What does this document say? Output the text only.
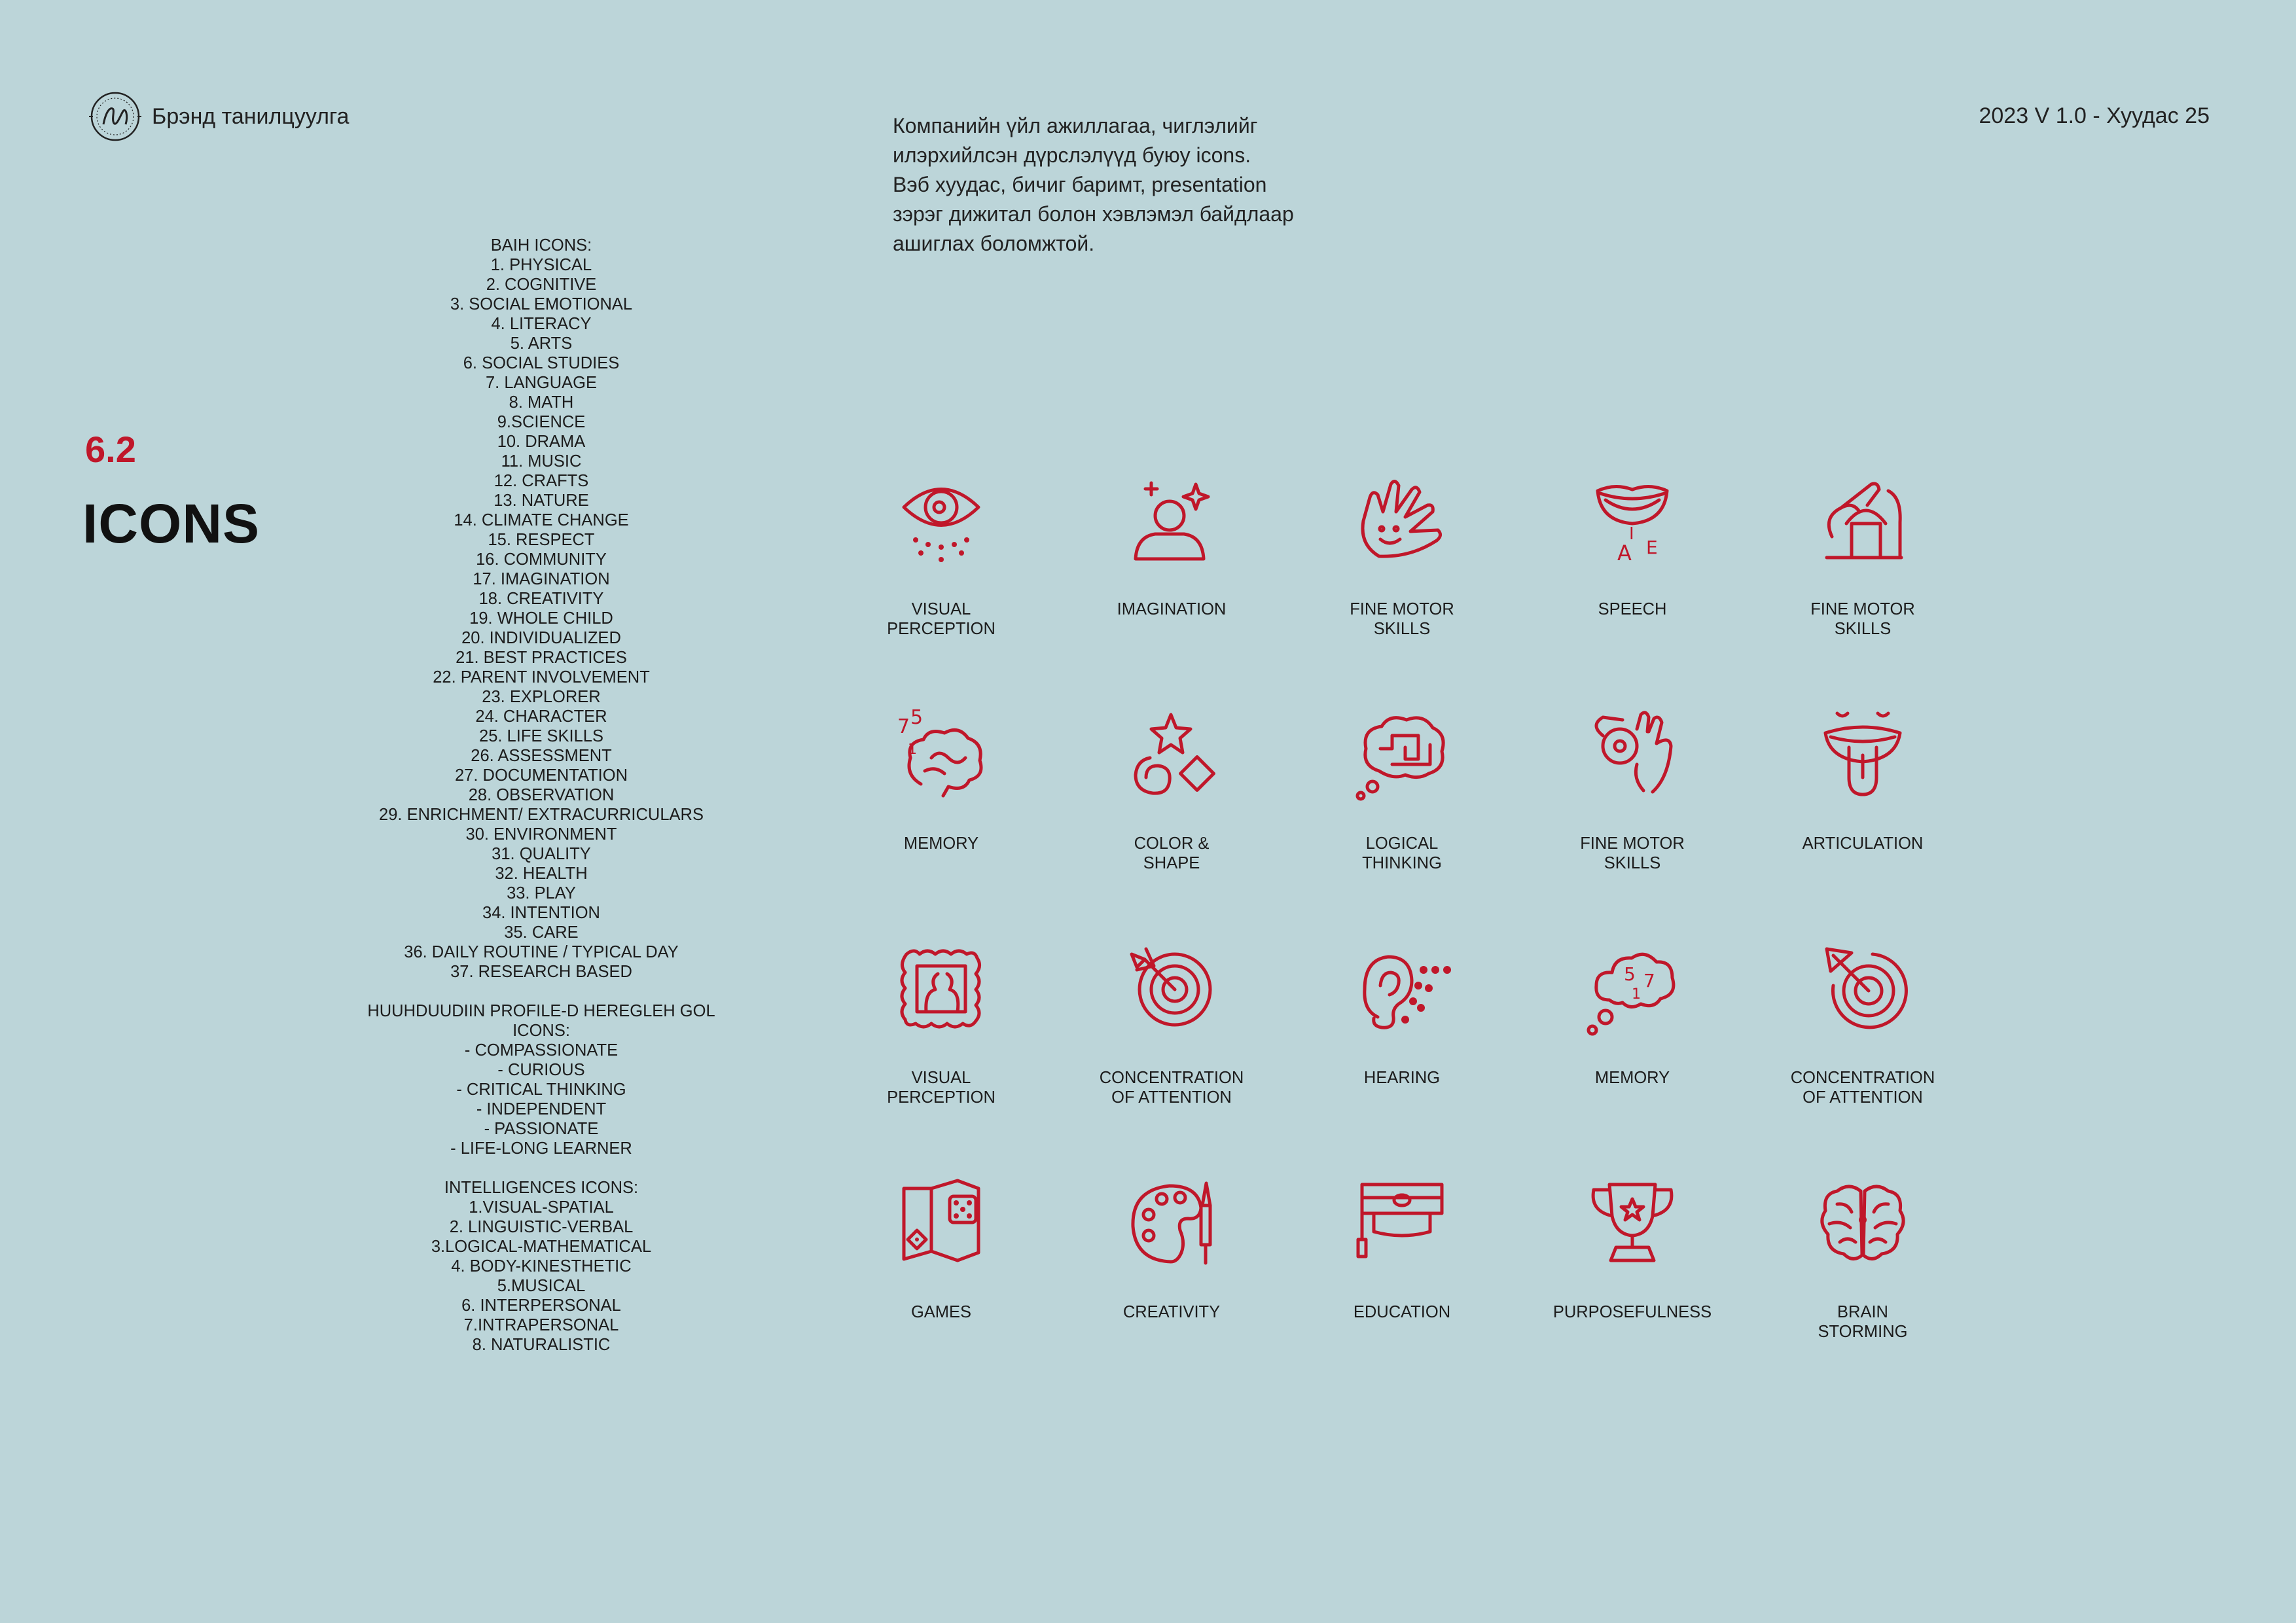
Брэнд танилцуулга	2023 V 1.0 - Хуудас 25
Компанийн үйл ажиллагаа, чиглэлийг
илэрхийлсэн дүрслэлүүд буюу icons.
Вэб хуудас, бичиг баримт, presentation
зэрэг дижитал болон хэвлэмэл байдлаар
ашиглах боломжтой.
6.2
ICONS
BAIH ICONS:
1. PHYSICAL
2. COGNITIVE
3. SOCIAL EMOTIONAL
4. LITERACY
5. ARTS
6. SOCIAL STUDIES
7. LANGUAGE
8. MATH
9.SCIENCE
10. DRAMA
11. MUSIC
12. CRAFTS
13. NATURE
14. CLIMATE CHANGE
15. RESPECT
16. COMMUNITY
17. IMAGINATION
18. CREATIVITY
19. WHOLE CHILD
20. INDIVIDUALIZED
21. BEST PRACTICES
22. PARENT INVOLVEMENT
23. EXPLORER
24. CHARACTER
25. LIFE SKILLS
26. ASSESSMENT
27. DOCUMENTATION
28. OBSERVATION
29. ENRICHMENT/ EXTRACURRICULARS
30. ENVIRONMENT
31. QUALITY
32. HEALTH
33. PLAY
34. INTENTION
35. CARE
36. DAILY ROUTINE / TYPICAL DAY
37. RESEARCH BASED
HUUHDUUDIIN PROFILE-D HEREGLEH GOL
ICONS:
- COMPASSIONATE
- CURIOUS
- CRITICAL THINKING
- INDEPENDENT
- PASSIONATE
- LIFE-LONG LEARNER
INTELLIGENCES ICONS:
1.VISUAL-SPATIAL
2. LINGUISTIC-VERBAL
3.LOGICAL-MATHEMATICAL
4. BODY-KINESTHETIC
5.MUSICAL
6. INTERPERSONAL
7.INTRAPERSONAL
8. NATURALISTIC
VISUAL
PERCEPTION
IMAGINATION	FINE MOTOR
SKILLS
A
I
E
SPEECH	FINE MOTOR
SKILLS
7 5
1
MEMORY	COLOR &
SHAPE
LOGICAL
THINKING
FINE MOTOR
SKILLS
ARTICULATION
VISUAL
PERCEPTION
CONCENTRATION
OF ATTENTION
HEARING
5 7
1
MEMORY	CONCENTRATION
OF ATTENTION
GAMES	CREATIVITY	EDUCATION	PURPOSEFULNESS	BRAIN
STORMING
